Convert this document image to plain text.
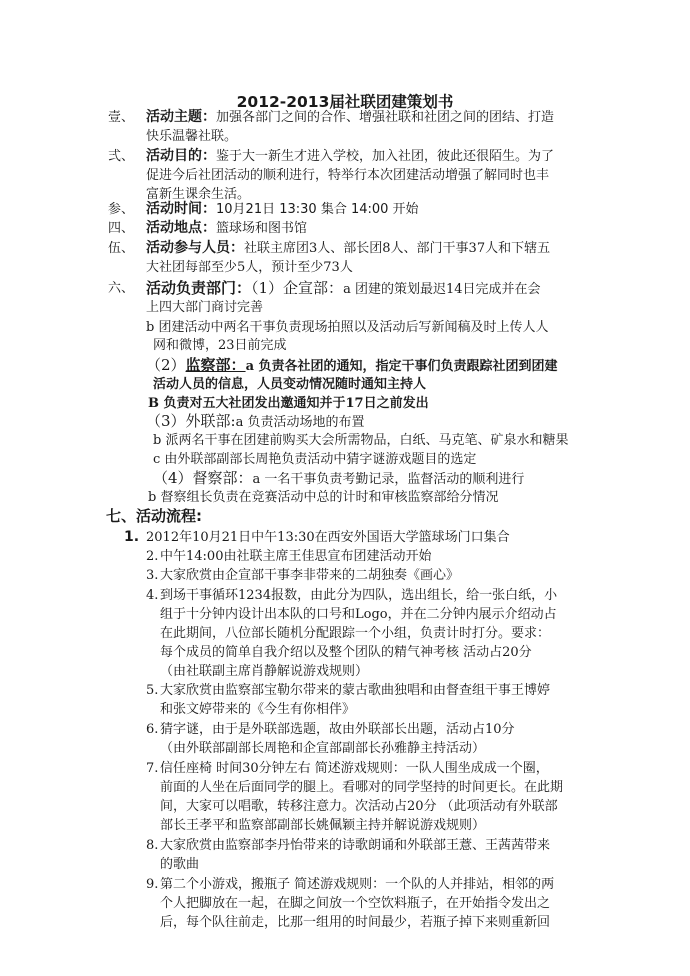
2012-2013届社联团建策划书
壹、 活动主题：加强各部门之间的合作、增强社联和社团之间的团结、打造
快乐温馨社联。
弍、 活动目的：鉴于大一新生才进入学校，加入社团，彼此还很陌生。为了
促进今后社团活动的顺利进行，特举行本次团建活动增强了解同时也丰
富新生课余生活。
参、 活动时间：10月21日 13:30 集合 14:00 开始
四、 活动地点：篮球场和图书馆
伍、 活动参与人员：社联主席团3人、部长团8人、部门干事37人和下辖五
大社团每部至少5人，预计至少73人
六、 活动负责部门：（1）企宣部：a 团建的策划最迟14日完成并在会
上四大部门商讨完善
b 团建活动中两名干事负责现场拍照以及活动后写新闻稿及时上传人人
网和微博，23日前完成
（2）监察部：a 负责各社团的通知，指定干事们负责跟踪社团到团建
活动人员的信息，人员变动情况随时通知主持人
B 负责对五大社团发出邀通知并于17日之前发出
（3）外联部:a 负责活动场地的布置
b 派两名干事在团建前购买大会所需物品，白纸、马克笔、矿泉水和糖果
c 由外联部副部长周艳负责活动中猜字谜游戏题目的选定
（4）督察部：a 一名干事负责考勤记录，监督活动的顺利进行
b 督察组长负责在竞赛活动中总的计时和审核监察部给分情况
七、活动流程:
1. 2012年10月21日中午13:30在西安外国语大学篮球场门口集合
2. 中午14:00由社联主席王佳思宣布团建活动开始
3. 大家欣赏由企宣部干事李非带来的二胡独奏《画心》
4. 到场干事循环1234报数，由此分为四队，选出组长，给一张白纸，小
组于十分钟内设计出本队的口号和Logo，并在二分钟内展示介绍动占
在此期间，八位部长随机分配跟踪一个小组，负责计时打分。要求：
每个成员的简单自我介绍以及整个团队的精气神考核 活动占20分
（由社联副主席肖静解说游戏规则）
5. 大家欣赏由监察部宝勒尔带来的蒙古歌曲独唱和由督查组干事王博婷
和张文婷带来的《今生有你相伴》
6. 猜字谜，由于是外联部选题，故由外联部长出题，活动占10分
（由外联部副部长周艳和企宣部副部长孙雅静主持活动）
7. 信任座椅 时间30分钟左右 简述游戏规则：一队人围坐成成一个圈，
前面的人坐在后面同学的腿上。看哪对的同学坚持的时间更长。在此期
间，大家可以唱歌，转移注意力。次活动占20分 （此项活动有外联部
部长王孝平和监察部副部长姚佩颖主持并解说游戏规则）
8. 大家欣赏由监察部李丹怡带来的诗歌朗诵和外联部王薏、王茜茜带来
的歌曲
9. 第二个小游戏，搬瓶子 简述游戏规则：一个队的人并排站，相邻的两
个人把脚放在一起，在脚之间放一个空饮料瓶子，在开始指令发出之
后，每个队往前走，比那一组用的时间最少，若瓶子掉下来则重新回
